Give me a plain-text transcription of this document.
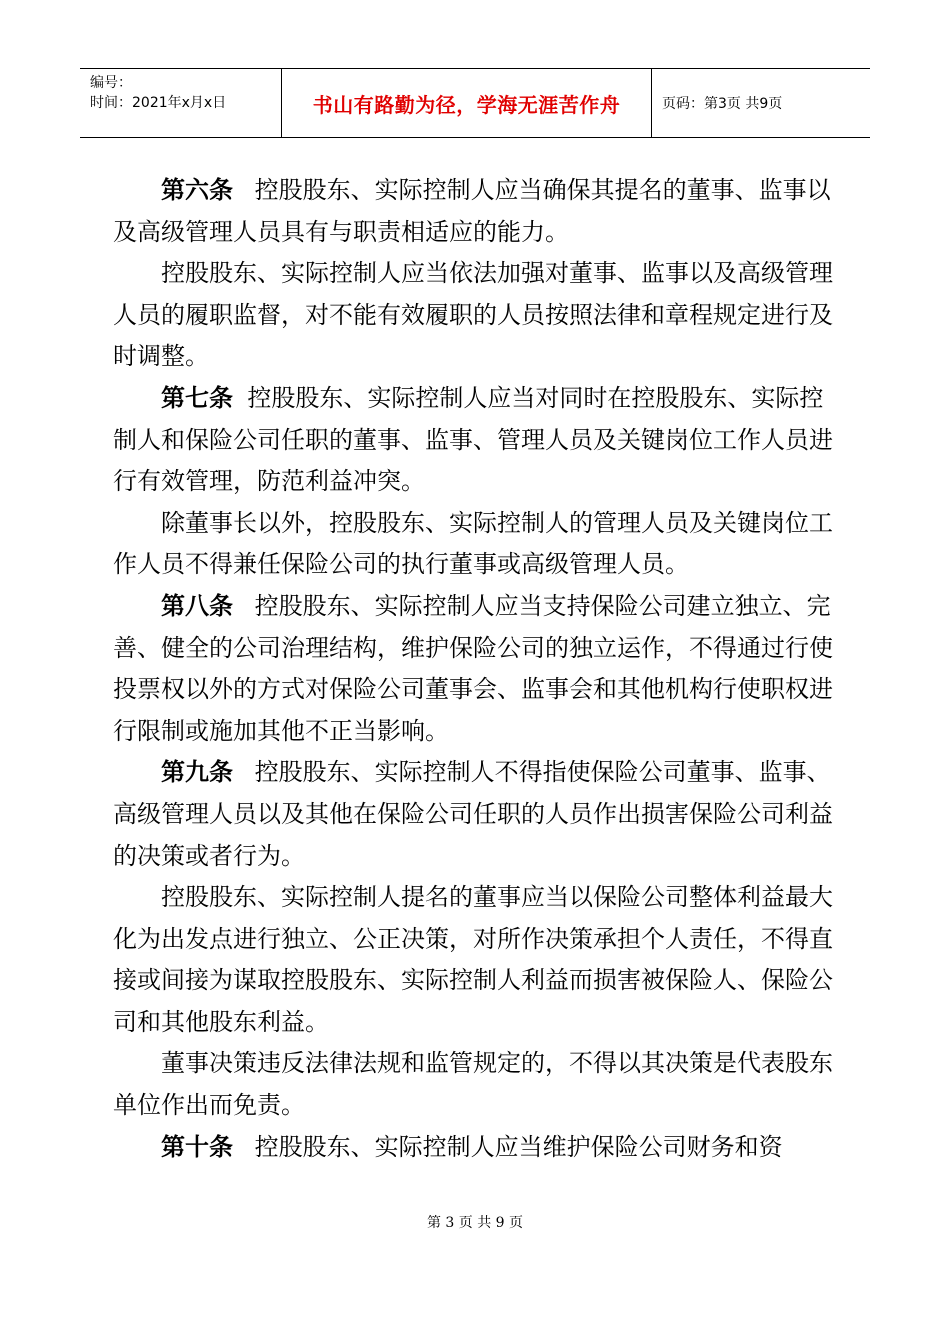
编号：
时间：2021年x月x日	书山有路勤为径，学海无涯苦作舟	页码：第3页 共9页

第六条 控股股东、实际控制人应当确保其提名的董事、监事以及高级管理人员具有与职责相适应的能力。

控股股东、实际控制人应当依法加强对董事、监事以及高级管理人员的履职监督，对不能有效履职的人员按照法律和章程规定进行及时调整。

第七条 控股股东、实际控制人应当对同时在控股股东、实际控制人和保险公司任职的董事、监事、管理人员及关键岗位工作人员进行有效管理，防范利益冲突。

除董事长以外，控股股东、实际控制人的管理人员及关键岗位工作人员不得兼任保险公司的执行董事或高级管理人员。

第八条 控股股东、实际控制人应当支持保险公司建立独立、完善、健全的公司治理结构，维护保险公司的独立运作，不得通过行使投票权以外的方式对保险公司董事会、监事会和其他机构行使职权进行限制或施加其他不正当影响。

第九条 控股股东、实际控制人不得指使保险公司董事、监事、高级管理人员以及其他在保险公司任职的人员作出损害保险公司利益的决策或者行为。

控股股东、实际控制人提名的董事应当以保险公司整体利益最大化为出发点进行独立、公正决策，对所作决策承担个人责任，不得直接或间接为谋取控股股东、实际控制人利益而损害被保险人、保险公司和其他股东利益。

董事决策违反法律法规和监管规定的，不得以其决策是代表股东单位作出而免责。

第十条 控股股东、实际控制人应当维护保险公司财务和资

第 3 页 共 9 页
